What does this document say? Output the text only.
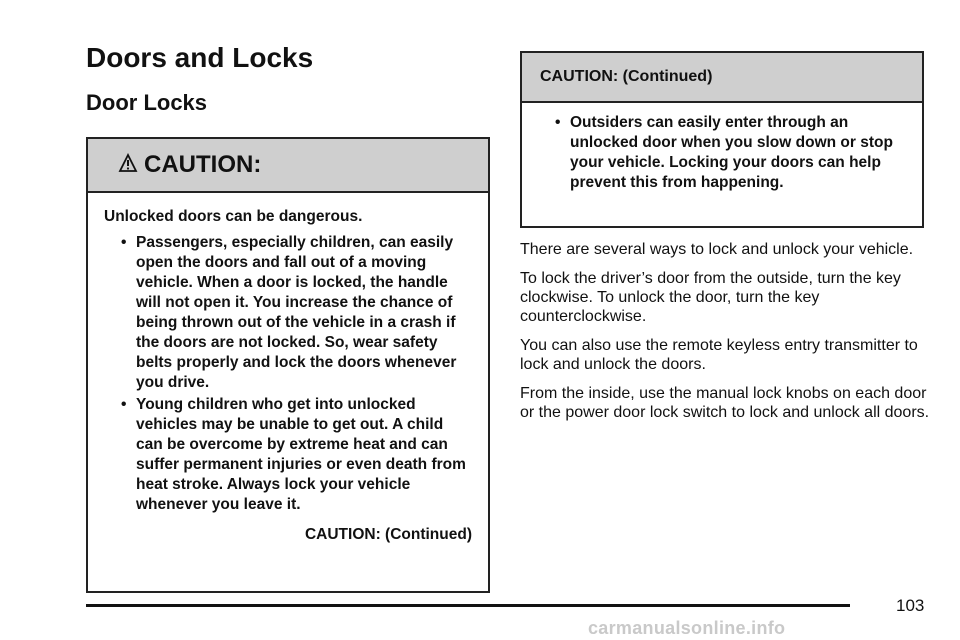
Doors and Locks
Door Locks
CAUTION:

Unlocked doors can be dangerous.

• Passengers, especially children, can easily open the doors and fall out of a moving vehicle. When a door is locked, the handle will not open it. You increase the chance of being thrown out of the vehicle in a crash if the doors are not locked. So, wear safety belts properly and lock the doors whenever you drive.
• Young children who get into unlocked vehicles may be unable to get out. A child can be overcome by extreme heat and can suffer permanent injuries or even death from heat stroke. Always lock your vehicle whenever you leave it.
CAUTION: (Continued)
CAUTION: (Continued)
• Outsiders can easily enter through an unlocked door when you slow down or stop your vehicle. Locking your doors can help prevent this from happening.

There are several ways to lock and unlock your vehicle.

To lock the driver’s door from the outside, turn the key clockwise. To unlock the door, turn the key counterclockwise.

You can also use the remote keyless entry transmitter to lock and unlock the doors.

From the inside, use the manual lock knobs on each door or the power door lock switch to lock and unlock all doors.

103
carmanualsonline.info
